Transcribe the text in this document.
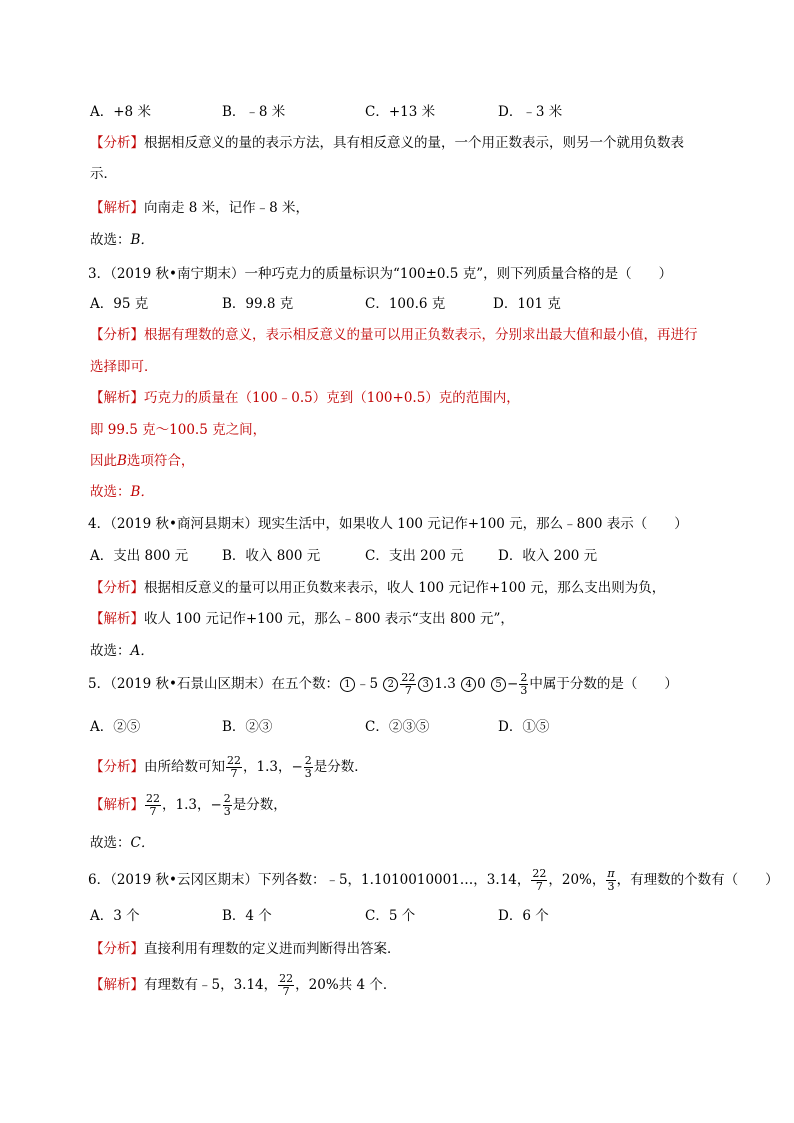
A．+8 米	B．﹣8 米	C．+13 米	D．﹣3 米
【分析】根据相反意义的量的表示方法，具有相反意义的量，一个用正数表示，则另一个就用负数表
示．
【解析】向南走 8 米，记作﹣8 米，
故选：B．
3．（2019 秋•南宁期末）一种巧克力的质量标识为“100±0.5 克”，则下列质量合格的是（　　）
A．95 克	B．99.8 克	C．100.6 克	D．101 克
【分析】根据有理数的意义，表示相反意义的量可以用正负数表示，分别求出最大值和最小值，再进行
选择即可．
【解析】巧克力的质量在（100﹣0.5）克到（100+0.5）克的范围内，
即 99.5 克～100.5 克之间，
因此B选项符合，
故选：B．
4．（2019 秋•商河县期末）现实生活中，如果收人 100 元记作+100 元，那么﹣800 表示（　　）
A．支出 800 元	B．收入 800 元	C．支出 200 元	D．收入 200 元
【分析】根据相反意义的量可以用正负数来表示，收人 100 元记作+100 元，那么支出则为负，
【解析】收人 100 元记作+100 元，那么﹣800 表示“支出 800 元”，
故选：A．
5．（2019 秋•石景山区期末）在五个数： 1 ﹣5 $2 \frac{22}{7} 3$ 1.3 4 0 $5 - \frac{2}{3}$ 中属于分数的是（　　）
A．②⑤	B．②③	C．②③⑤	D．①⑤
【分析】由所给数可知 $\frac{22}{7}$ ，1.3，− $\frac{2}{3}$ 是分数．
【解析】 $\frac{22}{7}$ ，1.3，− $\frac{2}{3}$ 是分数，
故选：C．
6．（2019 秋•云冈区期末）下列各数：﹣5，1.1010010001…，3.14， $\frac{22}{7}$ ，20%， $\frac{\pi}{3}$ ，有理数的个数有（　　）
A．3 个	B．4 个	C．5 个	D．6 个
【分析】直接利用有理数的定义进而判断得出答案．
【解析】有理数有﹣5，3.14， $\frac{22}{7}$ ，20%共 4 个．
